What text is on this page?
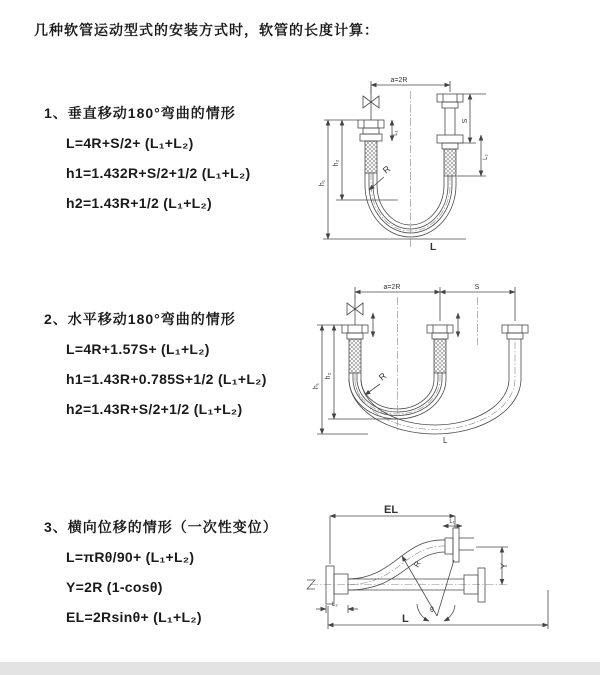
几种软管运动型式的安装方式时，软管的长度计算：
1、垂直移动180°弯曲的情形
L=4R+S/2+ (L₁+L₂)
h1=1.432R+S/2+1/2 (L₁+L₂)
h2=1.43R+1/2 (L₁+L₂)
2、水平移动180°弯曲的情形
L=4R+1.57S+ (L₁+L₂)
h1=1.43R+0.785S+1/2 (L₁+L₂)
h2=1.43R+S/2+1/2 (L₁+L₂)
3、横向位移的情形（一次性变位）
L=πRθ/90+ (L₁+L₂)
Y=2R (1-cosθ)
EL=2Rsinθ+ (L₁+L₂)
a=2R
S
L₁
L₂
h₁
h₂
R
L
a=2R	S
h₁
h₂	R
L
EL
L₁
Y
R
θ
L
L₂
